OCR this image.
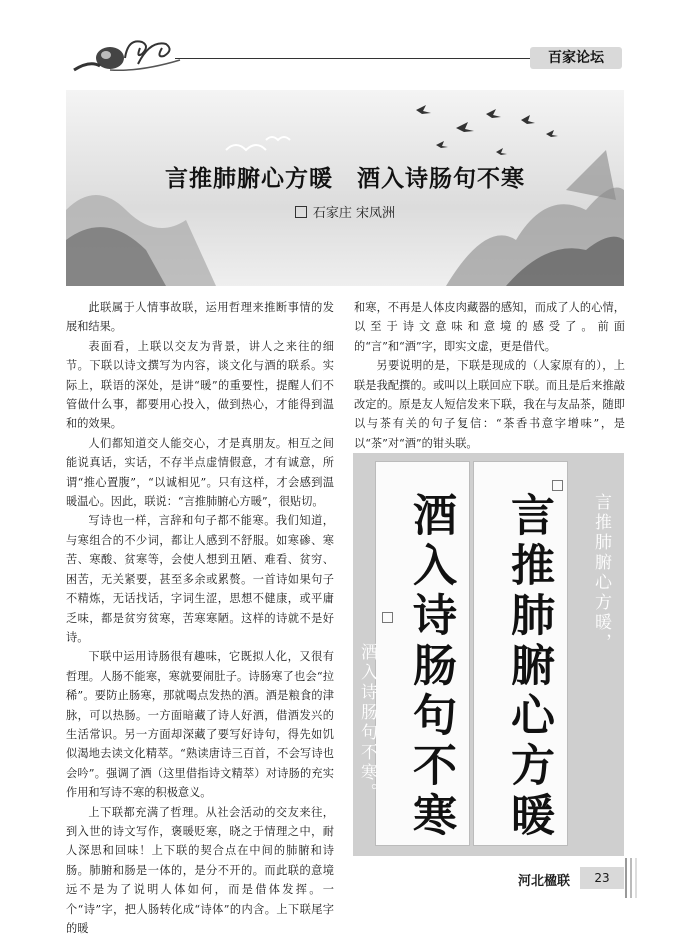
百家论坛
言推肺腑心方暖　酒入诗肠句不寒
石家庄 宋凤洲

此联属于人情事故联，运用哲理来推断事情的发展和结果。

表面看，上联以交友为背景，讲人之来往的细节。下联以诗文撰写为内容，谈文化与酒的联系。实际上，联语的深处，是讲“暖”的重要性，提醒人们不管做什么事，都要用心投入，做到热心，才能得到温和的效果。

人们都知道交人能交心，才是真朋友。相互之间能说真话，实话，不存半点虚情假意，才有诚意，所谓“推心置腹”，“以诚相见”。只有这样，才会感到温暖温心。因此，联说：“言推肺腑心方暖”，很贴切。

写诗也一样，言辞和句子都不能寒。我们知道，与寒组合的不少词，都让人感到不舒服。如寒碜、寒苦、寒酸、贫寒等，会使人想到丑陋、难看、贫穷、困苦，无关紧要，甚至多余或累赘。一首诗如果句子不精炼，无话找话，字词生涩，思想不健康，或平庸乏味，都是贫穷贫寒，苦寒寒陋。这样的诗就不是好诗。

下联中运用诗肠很有趣味，它既拟人化，又很有哲理。人肠不能寒，寒就要闹肚子。诗肠寒了也会“拉稀”。要防止肠寒，那就喝点发热的酒。酒是粮食的津脉，可以热肠。一方面暗藏了诗人好酒，借酒发兴的生活常识。另一方面却深藏了要写好诗句，得先如饥似渴地去读文化精萃。“熟读唐诗三百首，不会写诗也会吟”。强调了酒（这里借指诗文精萃）对诗肠的充实作用和写诗不寒的积极意义。

上下联都充满了哲理。从社会活动的交友来往，到入世的诗文写作，褒暖贬寒，晓之于情理之中，耐人深思和回味！上下联的契合点在中间的肺腑和诗肠。肺腑和肠是一体的，是分不开的。而此联的意境远不是为了说明人体如何，而是借体发挥。一个“诗”字，把人肠转化成“诗体”的内含。上下联尾字的暖

和寒，不再是人体皮肉藏器的感知，而成了人的心情，以至于诗文意味和意境的感受了。前面的“言”和“酒”字，即实文虚，更是借代。

另要说明的是，下联是现成的（人家原有的），上联是我配撰的。或叫以上联回应下联。而且是后来推敲改定的。原是友人短信发来下联，我在与友品茶，随即以与茶有关的句子复信：“茶香书意字增味”，是以“茶”对“酒”的钳头联。

酒入诗肠句不寒 言推肺腑心方暖	言推肺腑心方暖，
酒入诗肠句不寒。
河北楹联	23
